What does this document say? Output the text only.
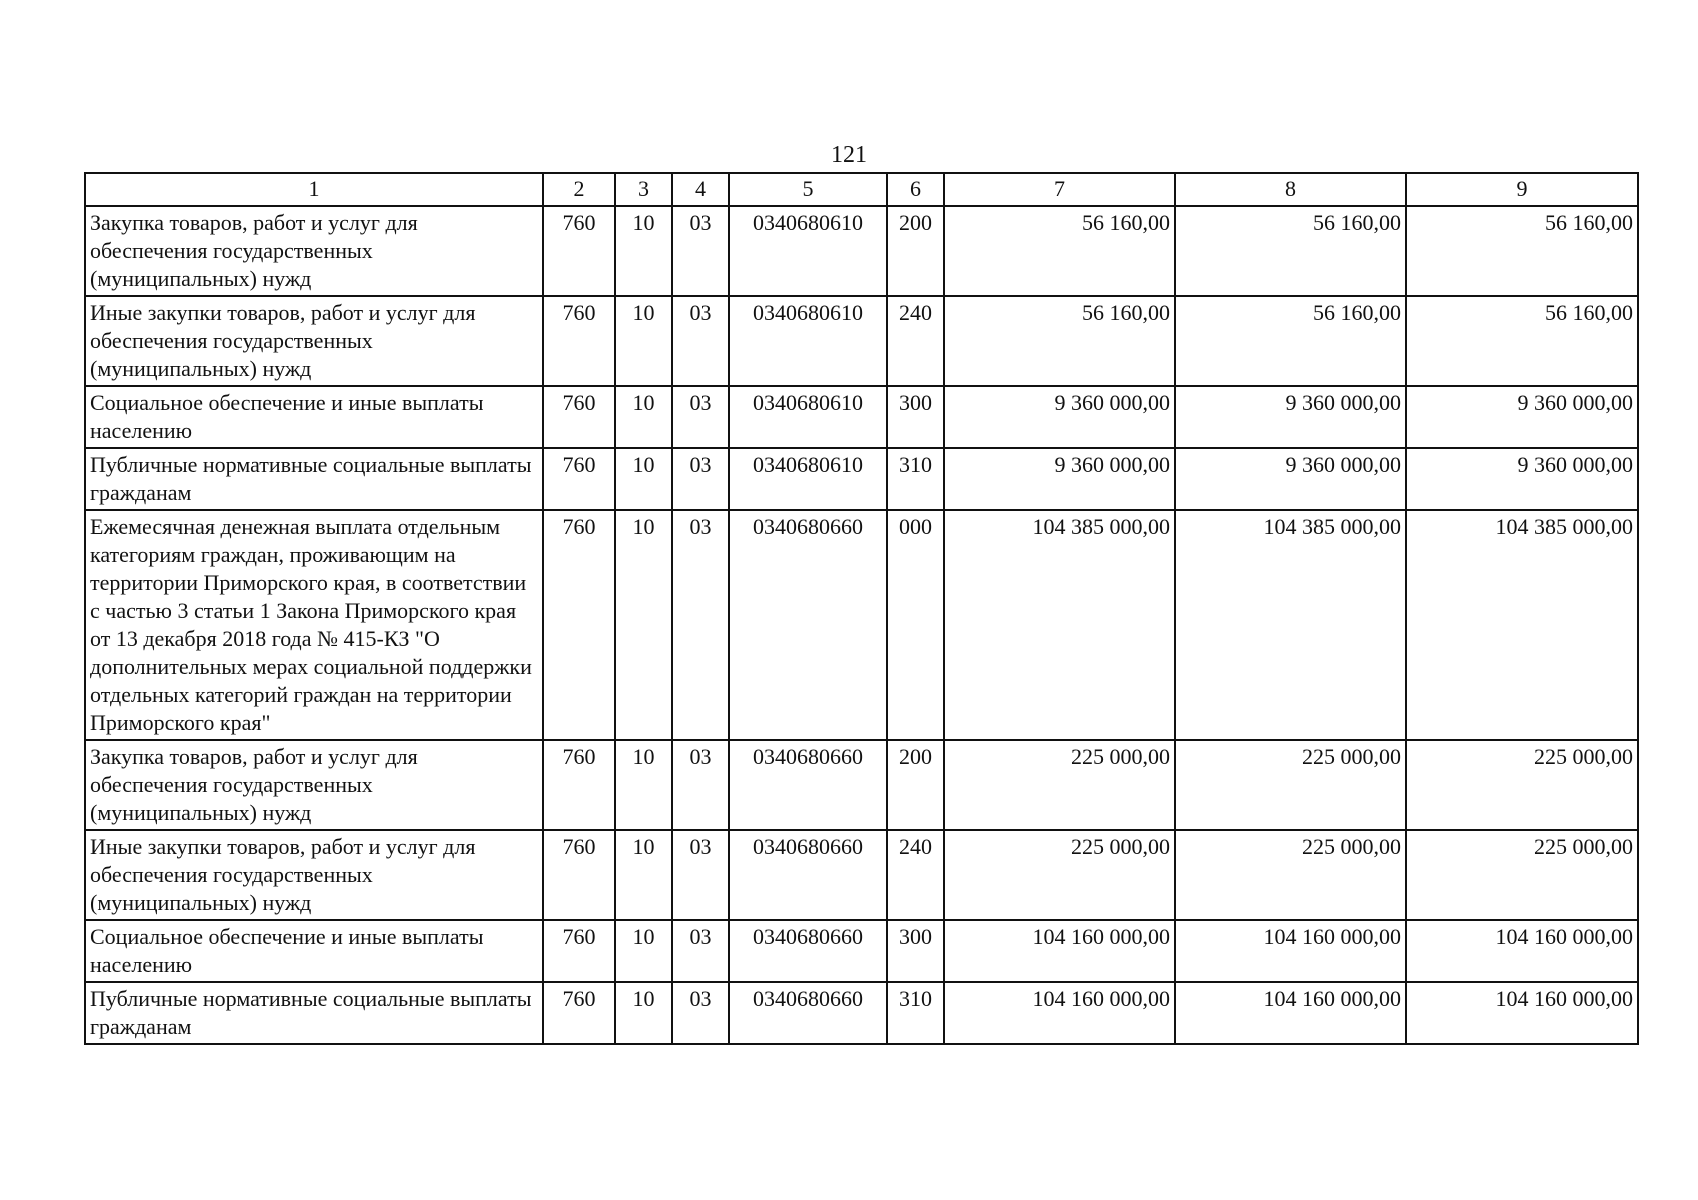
121
1	2	3	4	5	6	7	8	9
Закупка товаров, работ и услуг для обеспечения государственных (муниципальных) нужд	760	10	03	0340680610	200	56 160,00	56 160,00	56 160,00
Иные закупки товаров, работ и услуг для обеспечения государственных (муниципальных) нужд	760	10	03	0340680610	240	56 160,00	56 160,00	56 160,00
Социальное обеспечение и иные выплаты населению	760	10	03	0340680610	300	9 360 000,00	9 360 000,00	9 360 000,00
Публичные нормативные социальные выплаты гражданам	760	10	03	0340680610	310	9 360 000,00	9 360 000,00	9 360 000,00
Ежемесячная денежная выплата отдельным категориям граждан, проживающим на территории Приморского края, в соответствии с частью 3 статьи 1 Закона Приморского края от 13 декабря 2018 года № 415-КЗ "О дополнительных мерах социальной поддержки отдельных категорий граждан на территории Приморского края"	760	10	03	0340680660	000	104 385 000,00	104 385 000,00	104 385 000,00
Закупка товаров, работ и услуг для обеспечения государственных (муниципальных) нужд	760	10	03	0340680660	200	225 000,00	225 000,00	225 000,00
Иные закупки товаров, работ и услуг для обеспечения государственных (муниципальных) нужд	760	10	03	0340680660	240	225 000,00	225 000,00	225 000,00
Социальное обеспечение и иные выплаты населению	760	10	03	0340680660	300	104 160 000,00	104 160 000,00	104 160 000,00
Публичные нормативные социальные выплаты гражданам	760	10	03	0340680660	310	104 160 000,00	104 160 000,00	104 160 000,00
